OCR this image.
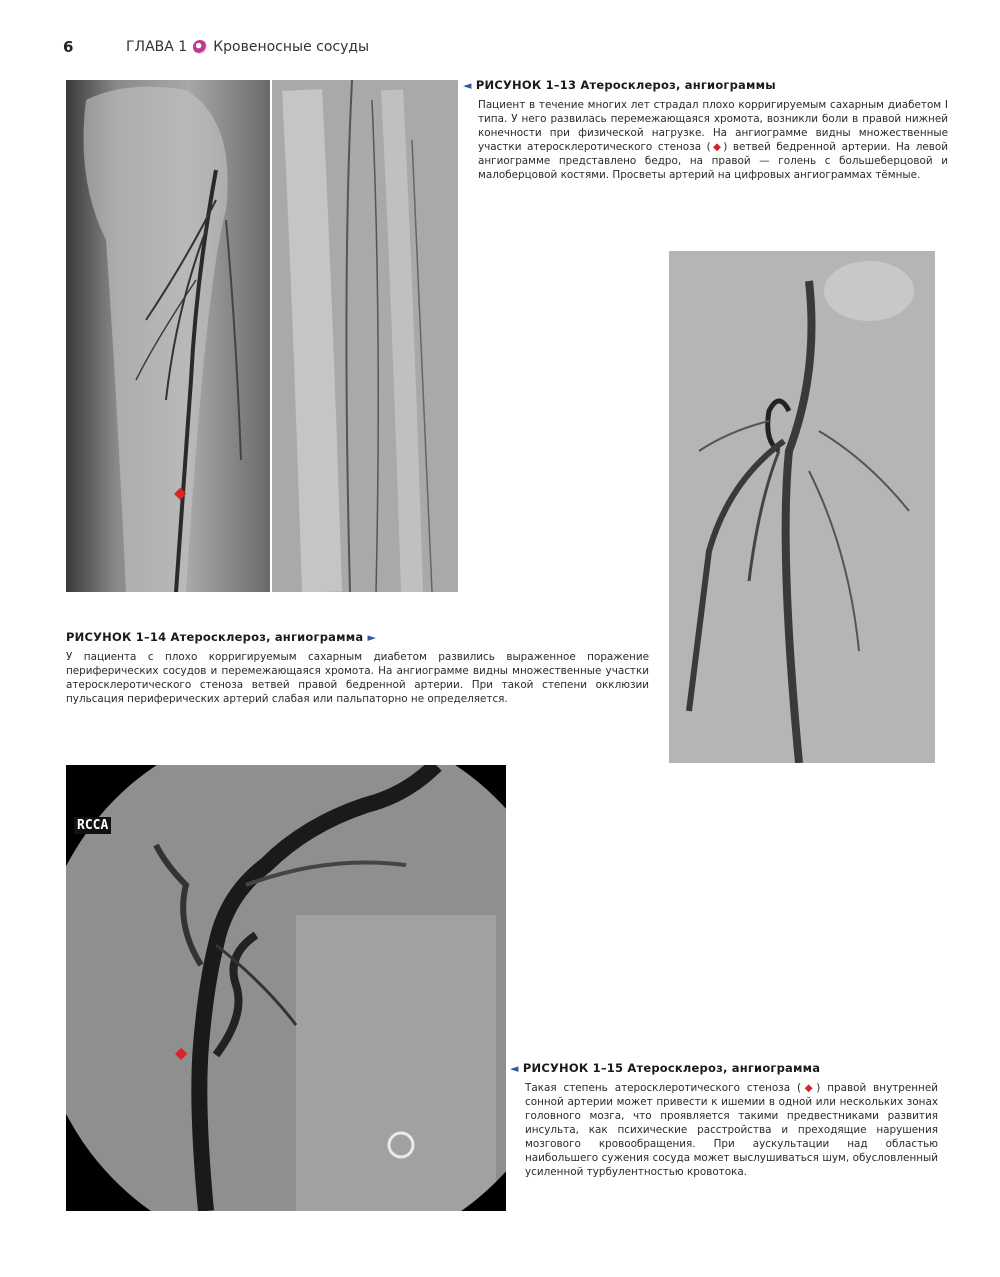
6	ГЛАВА 1 Кровеносные сосуды
◆
◄ РИСУНОК 1–13 Атеросклероз, ангиограммы
Пациент в течение многих лет страдал плохо корригируемым сахарным диабетом I типа. У него развилась перемежающаяся хромота, возникли боли в правой нижней конечности при физической нагрузке. На ангиограмме видны множественные участки атеросклеротического стеноза (◆) ветвей бедренной артерии. На левой ангиограмме представлено бедро, на правой — голень с большеберцовой и малоберцовой костями. Просветы артерий на цифровых ангиограммах тёмные.
РИСУНОК 1–14 Атеросклероз, ангиограмма ►
У пациента с плохо корригируемым сахарным диабетом развились выраженное поражение периферических сосудов и перемежающаяся хромота. На ангиограмме видны множественные участки атеросклеротического стеноза ветвей правой бедренной артерии. При такой степени окклюзии пульсация периферических артерий слабая или пальпаторно не определяется.
RCCA
◆
◄ РИСУНОК 1–15 Атеросклероз, ангиограмма
Такая степень атеросклеротического стеноза (◆) правой внутренней сонной артерии может привести к ишемии в одной или нескольких зонах головного мозга, что проявляется такими предвестниками развития инсульта, как психические расстройства и преходящие нарушения мозгового кровообращения. При аускультации над областью наибольшего сужения сосуда может выслушиваться шум, обусловленный усиленной турбулентностью кровотока.
